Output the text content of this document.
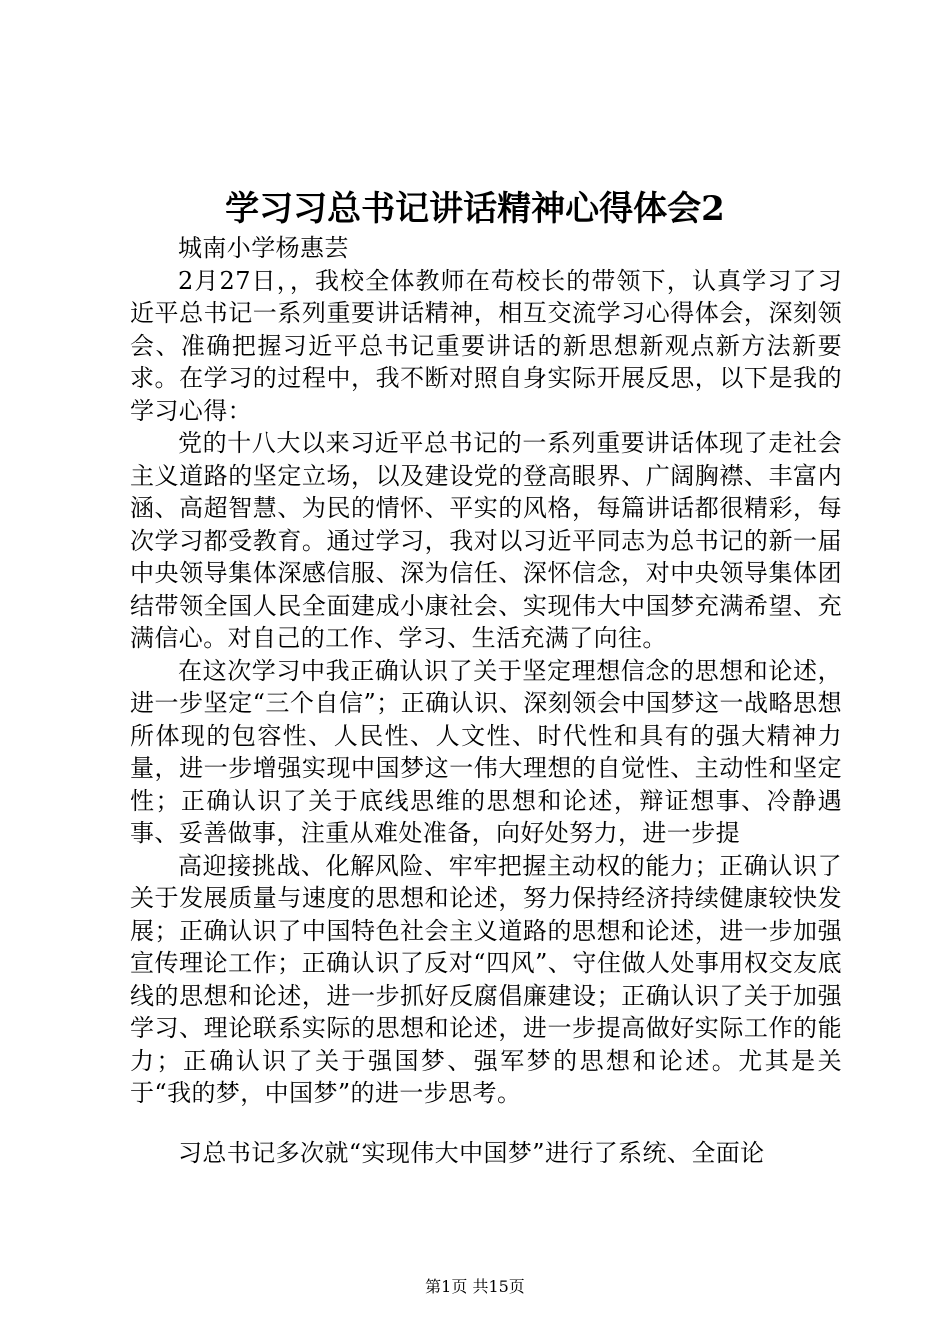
学习习总书记讲话精神心得体会2

城南小学杨惠芸

2月27日，，我校全体教师在苟校长的带领下，认真学习了习近平总书记一系列重要讲话精神，相互交流学习心得体会，深刻领会、准确把握习近平总书记重要讲话的新思想新观点新方法新要求。在学习的过程中，我不断对照自身实际开展反思，以下是我的学习心得：

党的十八大以来习近平总书记的一系列重要讲话体现了走社会主义道路的坚定立场，以及建设党的登高眼界、广阔胸襟、丰富内涵、高超智慧、为民的情怀、平实的风格，每篇讲话都很精彩，每次学习都受教育。通过学习，我对以习近平同志为总书记的新一届中央领导集体深感信服、深为信任、深怀信念，对中央领导集体团结带领全国人民全面建成小康社会、实现伟大中国梦充满希望、充满信心。对自己的工作、学习、生活充满了向往。

在这次学习中我正确认识了关于坚定理想信念的思想和论述，进一步坚定“三个自信”；正确认识、深刻领会中国梦这一战略思想所体现的包容性、人民性、人文性、时代性和具有的强大精神力量，进一步增强实现中国梦这一伟大理想的自觉性、主动性和坚定性；正确认识了关于底线思维的思想和论述，辩证想事、冷静遇事、妥善做事，注重从难处准备，向好处努力，进一步提

高迎接挑战、化解风险、牢牢把握主动权的能力；正确认识了关于发展质量与速度的思想和论述，努力保持经济持续健康较快发展；正确认识了中国特色社会主义道路的思想和论述，进一步加强宣传理论工作；正确认识了反对“四风”、守住做人处事用权交友底线的思想和论述，进一步抓好反腐倡廉建设；正确认识了关于加强学习、理论联系实际的思想和论述，进一步提高做好实际工作的能力；正确认识了关于强国梦、强军梦的思想和论述。尤其是关于“我的梦，中国梦”的进一步思考。

习总书记多次就“实现伟大中国梦”进行了系统、全面论

第1页 共15页
